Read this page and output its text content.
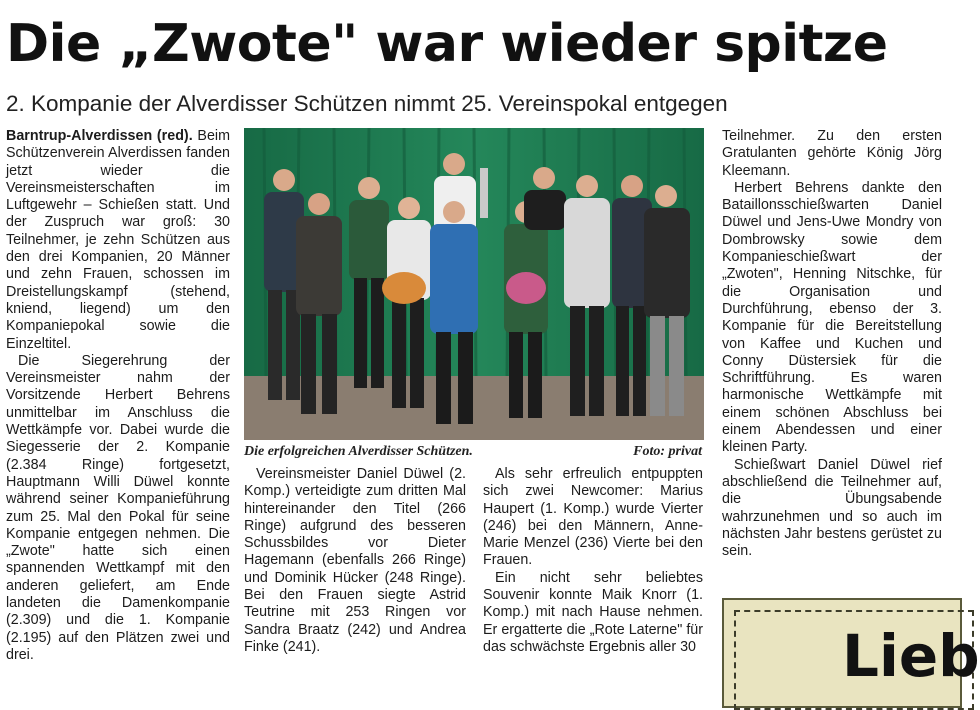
Die „Zwote" war wieder spitze
2. Kompanie der Alverdisser Schützen nimmt 25. Vereinspokal entgegen

Barntrup-Alverdissen (red). Beim Schützenverein Alverdissen fanden jetzt wieder die Vereinsmeisterschaften im Luftgewehr – Schießen statt. Und der Zuspruch war groß: 30 Teilnehmer, je zehn Schützen aus den drei Kompanien, 20 Männer und zehn Frauen, schossen im Dreistellungskampf (stehend, kniend, liegend) um den Kompaniepokal sowie die Einzeltitel.

Die Siegerehrung der Vereinsmeister nahm der Vorsitzende Herbert Behrens unmittelbar im Anschluss die Wettkämpfe vor. Dabei wurde die Siegesserie der 2. Kompanie (2.384 Ringe) fortgesetzt, Hauptmann Willi Düwel konnte während seiner Kompanieführung zum 25. Mal den Pokal für seine Kompanie entgegen nehmen. Die „Zwote" hatte sich einen spannenden Wettkampf mit den anderen geliefert, am Ende landeten die Damenkompanie (2.309) und die 1. Kompanie (2.195) auf den Plätzen zwei und drei.

Die erfolgreichen Alverdisser Schützen.	Foto: privat

Vereinsmeister Daniel Düwel (2. Komp.) verteidigte zum dritten Mal hintereinander den Titel (266 Ringe) aufgrund des besseren Schussbildes vor Dieter Hagemann (ebenfalls 266 Ringe) und Dominik Hücker (248 Ringe). Bei den Frauen siegte Astrid Teutrine mit 253 Ringen vor Sandra Braatz (242) und Andrea Finke (241).

Als sehr erfreulich entpuppten sich zwei Newcomer: Marius Haupert (1. Komp.) wurde Vierter (246) bei den Männern, Anne-Marie Menzel (236) Vierte bei den Frauen.

Ein nicht sehr beliebtes Souvenir konnte Maik Knorr (1. Komp.) mit nach Hause nehmen. Er ergatterte die „Rote Laterne" für das schwächste Ergebnis aller 30

Teilnehmer. Zu den ersten Gratulanten gehörte König Jörg Kleemann.

Herbert Behrens dankte den Bataillonsschießwarten Daniel Düwel und Jens-Uwe Mondry von Dombrowsky sowie dem Kompanieschießwart der „Zwoten", Henning Nitschke, für die Organisation und Durchführung, ebenso der 3. Kompanie für die Bereitstellung von Kaffee und Kuchen und Conny Düstersiek für die Schriftführung. Es waren harmonische Wettkämpfe mit einem schönen Abschluss bei einem Abendessen und einer kleinen Party.

Schießwart Daniel Düwel rief abschließend die Teilnehmer auf, die Übungsabende wahrzunehmen und so auch im nächsten Jahr bestens gerüstet zu sein.

Lieb
